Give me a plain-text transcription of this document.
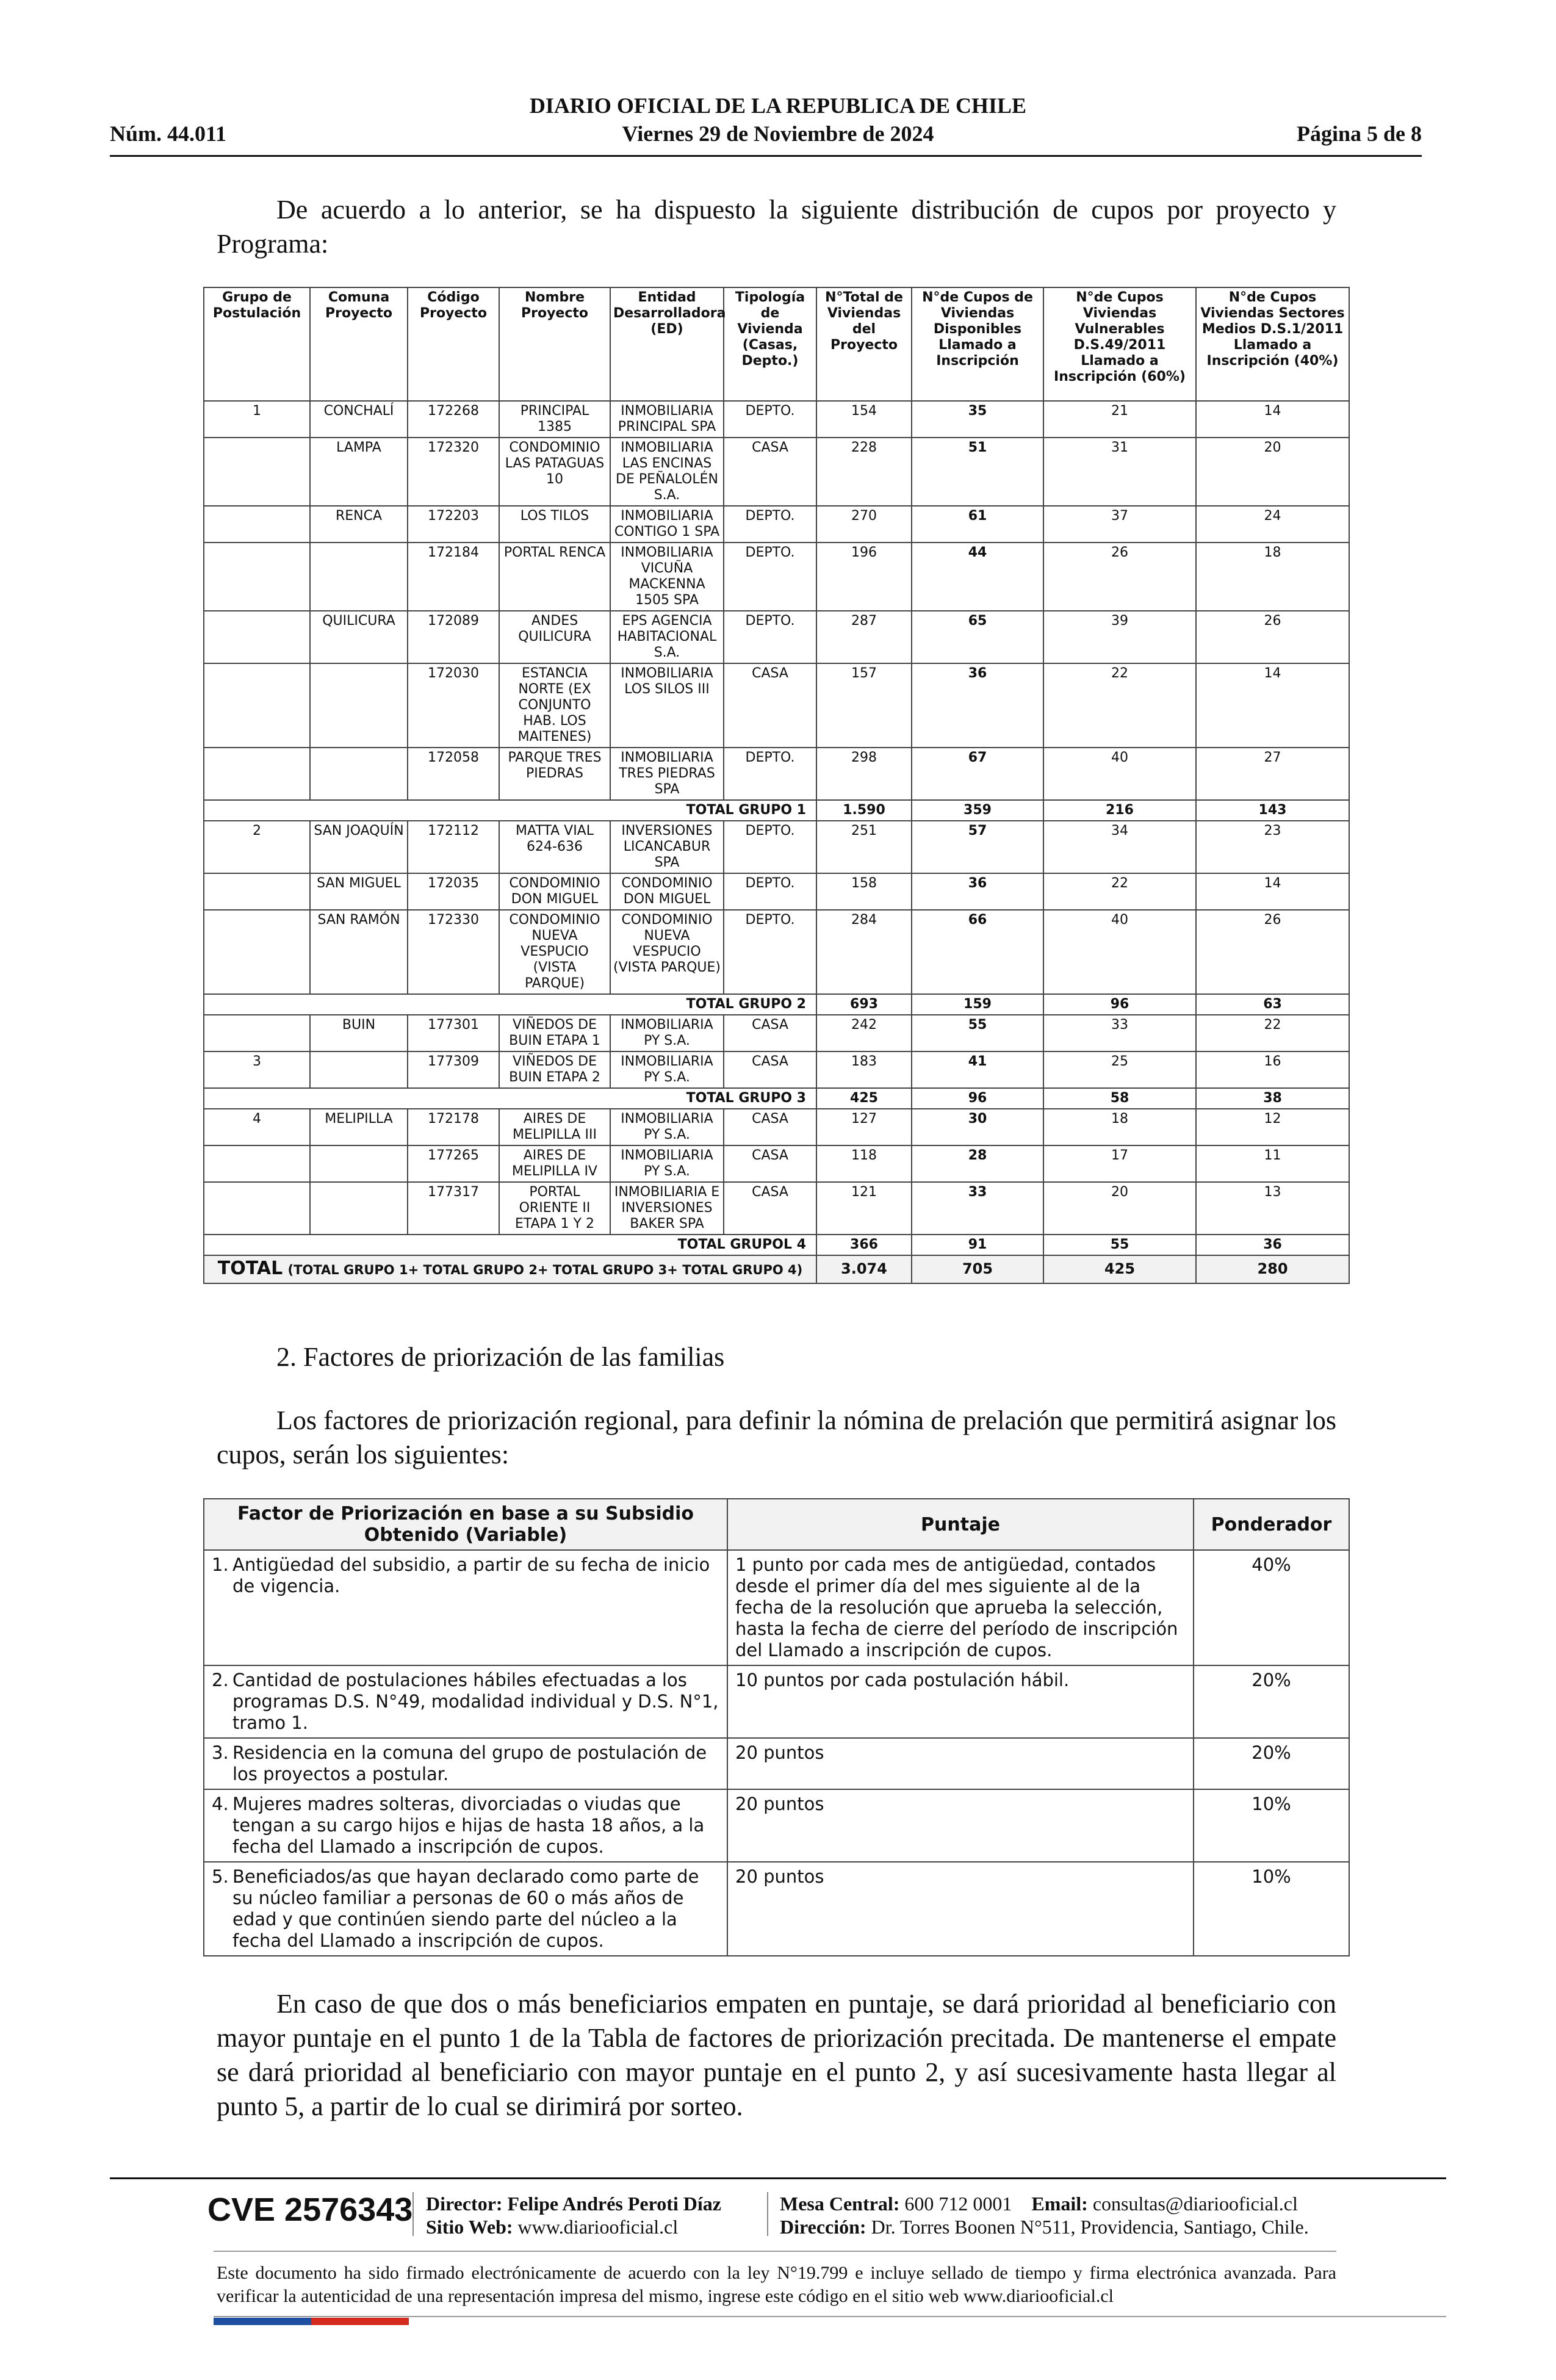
DIARIO OFICIAL DE LA REPUBLICA DE CHILE
Viernes 29 de Noviembre de 2024
Núm. 44.011	Página 5 de 8
De acuerdo a lo anterior, se ha dispuesto la siguiente distribución de cupos por proyecto y Programa:
Grupo de Postulación	Comuna Proyecto	Código Proyecto	Nombre Proyecto	Entidad Desarrolladora (ED)	Tipología de Vivienda (Casas, Depto.)	N°Total de Viviendas del Proyecto	N°de Cupos de Viviendas Disponibles Llamado a Inscripción	N°de Cupos Viviendas Vulnerables D.S.49/2011 Llamado a Inscripción (60%)	N°de Cupos Viviendas Sectores Medios D.S.1/2011 Llamado a Inscripción (40%)
1	CONCHALÍ	172268	PRINCIPAL 1385	INMOBILIARIA PRINCIPAL SPA	DEPTO.	154	35	21	14
	LAMPA	172320	CONDOMINIO LAS PATAGUAS 10	INMOBILIARIA LAS ENCINAS DE PEÑALOLÉN S.A.	CASA	228	51	31	20
	RENCA	172203	LOS TILOS	INMOBILIARIA CONTIGO 1 SPA	DEPTO.	270	61	37	24
		172184	PORTAL RENCA	INMOBILIARIA VICUÑA MACKENNA 1505 SPA	DEPTO.	196	44	26	18
	QUILICURA	172089	ANDES QUILICURA	EPS AGENCIA HABITACIONAL S.A.	DEPTO.	287	65	39	26
		172030	ESTANCIA NORTE (EX CONJUNTO HAB. LOS MAITENES)	INMOBILIARIA LOS SILOS III	CASA	157	36	22	14
		172058	PARQUE TRES PIEDRAS	INMOBILIARIA TRES PIEDRAS SPA	DEPTO.	298	67	40	27
TOTAL GRUPO 1						1.590	359	216	143
2	SAN JOAQUÍN	172112	MATTA VIAL 624-636	INVERSIONES LICANCABUR SPA	DEPTO.	251	57	34	23
	SAN MIGUEL	172035	CONDOMINIO DON MIGUEL	CONDOMINIO DON MIGUEL	DEPTO.	158	36	22	14
	SAN RAMÓN	172330	CONDOMINIO NUEVA VESPUCIO (VISTA PARQUE)	CONDOMINIO NUEVA VESPUCIO (VISTA PARQUE)	DEPTO.	284	66	40	26
TOTAL GRUPO 2						693	159	96	63
	BUIN	177301	VIÑEDOS DE BUIN ETAPA 1	INMOBILIARIA PY S.A.	CASA	242	55	33	22
3		177309	VIÑEDOS DE BUIN ETAPA 2	INMOBILIARIA PY S.A.	CASA	183	41	25	16
TOTAL GRUPO 3						425	96	58	38
4	MELIPILLA	172178	AIRES DE MELIPILLA III	INMOBILIARIA PY S.A.	CASA	127	30	18	12
		177265	AIRES DE MELIPILLA IV	INMOBILIARIA PY S.A.	CASA	118	28	17	11
		177317	PORTAL ORIENTE II ETAPA 1 Y 2	INMOBILIARIA E INVERSIONES BAKER SPA	CASA	121	33	20	13
TOTAL GRUPOL 4						366	91	55	36
TOTAL (TOTAL GRUPO 1+ TOTAL GRUPO 2+ TOTAL GRUPO 3+ TOTAL GRUPO 4)						3.074	705	425	280
2. Factores de priorización de las familias
Los factores de priorización regional, para definir la nómina de prelación que permitirá asignar los cupos, serán los siguientes:
Factor de Priorización en base a su Subsidio Obtenido (Variable)	Puntaje	Ponderador

1. Antigüedad del subsidio, a partir de su fecha de inicio de vigencia.	1 punto por cada mes de antigüedad, contados desde el primer día del mes siguiente al de la fecha de la resolución que aprueba la selección, hasta la fecha de cierre del período de inscripción del Llamado a inscripción de cupos.	40%

2. Cantidad de postulaciones hábiles efectuadas a los programas D.S. N°49, modalidad individual y D.S. N°1, tramo 1.	10 puntos por cada postulación hábil.	20%

3. Residencia en la comuna del grupo de postulación de los proyectos a postular.	20 puntos	20%

4. Mujeres madres solteras, divorciadas o viudas que tengan a su cargo hijos e hijas de hasta 18 años, a la fecha del Llamado a inscripción de cupos.	20 puntos	10%

5. Beneficiados/as que hayan declarado como parte de su núcleo familiar a personas de 60 o más años de edad y que continúen siendo parte del núcleo a la fecha del Llamado a inscripción de cupos.	20 puntos	10%
En caso de que dos o más beneficiarios empaten en puntaje, se dará prioridad al beneficiario con mayor puntaje en el punto 1 de la Tabla de factores de priorización precitada. De mantenerse el empate se dará prioridad al beneficiario con mayor puntaje en el punto 2, y así sucesivamente hasta llegar al punto 5, a partir de lo cual se dirimirá por sorteo.
CVE 2576343 Director: Felipe Andrés Peroti Díaz
Sitio Web: www.diariooficial.cl
Mesa Central: 600 712 0001 Email: consultas@diariooficial.cl
Dirección: Dr. Torres Boonen N°511, Providencia, Santiago, Chile.
Este documento ha sido firmado electrónicamente de acuerdo con la ley N°19.799 e incluye sellado de tiempo y firma electrónica avanzada. Para verificar la autenticidad de una representación impresa del mismo, ingrese este código en el sitio web www.diariooficial.cl
